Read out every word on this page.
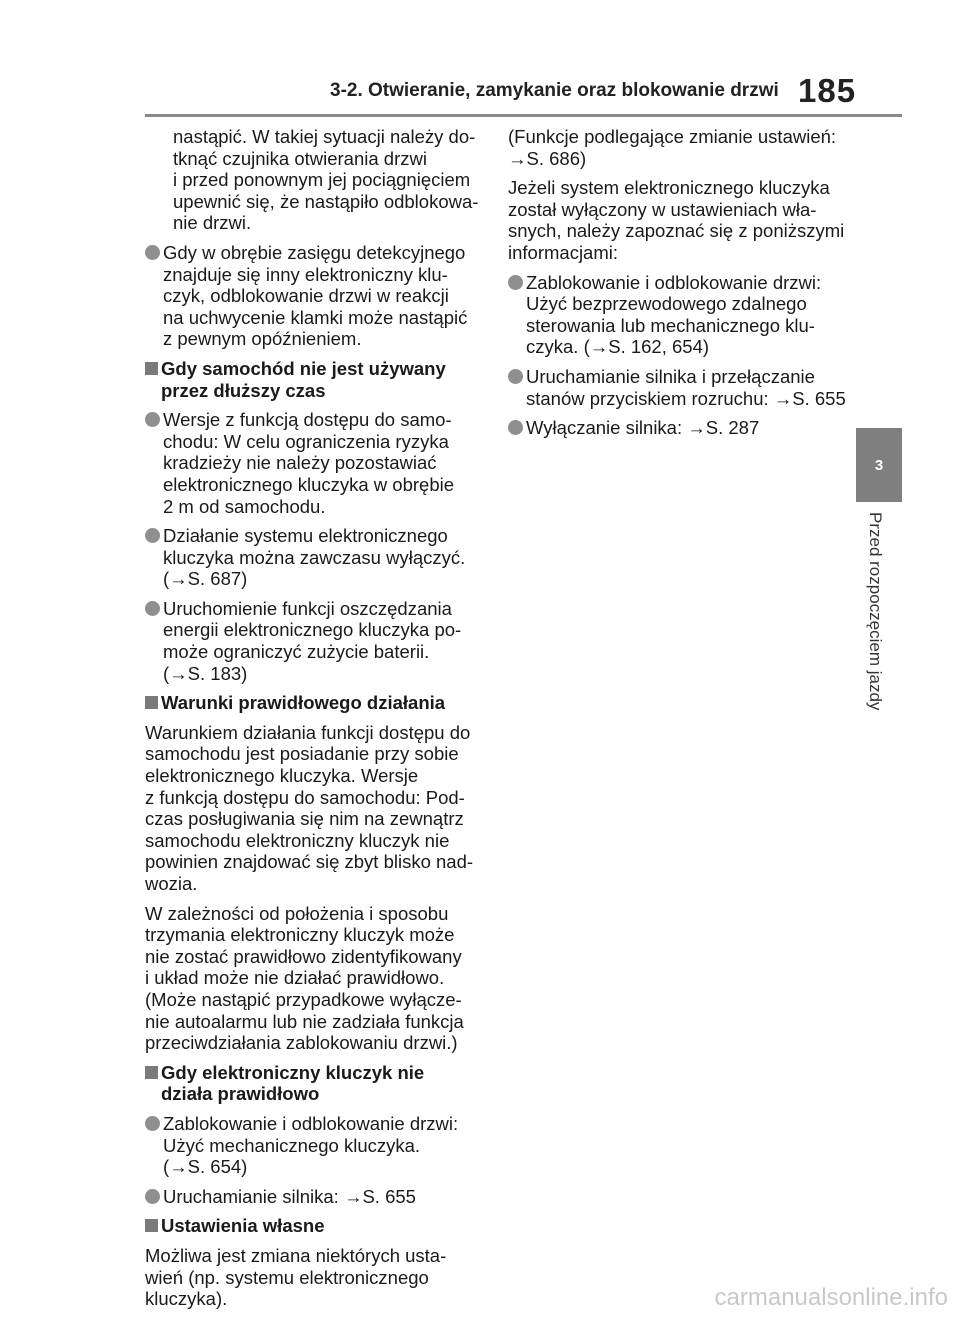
3-2. Otwieranie, zamykanie oraz blokowanie drzwi 185

nastąpić. W takiej sytuacji należy do-
tknąć czujnika otwierania drzwi
i przed ponownym jej pociągnięciem
upewnić się, że nastąpiło odblokowa-
nie drzwi.

Gdy w obrębie zasięgu detekcyjnego
znajduje się inny elektroniczny klu-
czyk, odblokowanie drzwi w reakcji
na uchwycenie klamki może nastąpić
z pewnym opóźnieniem.
Gdy samochód nie jest używany
przez dłuższy czas
Wersje z funkcją dostępu do samo-
chodu: W celu ograniczenia ryzyka
kradzieży nie należy pozostawiać
elektronicznego kluczyka w obrębie
2 m od samochodu.
Działanie systemu elektronicznego
kluczyka można zawczasu wyłączyć.
(→S. 687)
Uruchomienie funkcji oszczędzania
energii elektronicznego kluczyka po-
może ograniczyć zużycie baterii.
(→S. 183)
Warunki prawidłowego działania

Warunkiem działania funkcji dostępu do
samochodu jest posiadanie przy sobie
elektronicznego kluczyka. Wersje
z funkcją dostępu do samochodu: Pod-
czas posługiwania się nim na zewnątrz
samochodu elektroniczny kluczyk nie
powinien znajdować się zbyt blisko nad-
wozia.

W zależności od położenia i sposobu
trzymania elektroniczny kluczyk może
nie zostać prawidłowo zidentyfikowany
i układ może nie działać prawidłowo.
(Może nastąpić przypadkowe wyłącze-
nie autoalarmu lub nie zadziała funkcja
przeciwdziałania zablokowaniu drzwi.)

Gdy elektroniczny kluczyk nie
działa prawidłowo
Zablokowanie i odblokowanie drzwi:
Użyć mechanicznego kluczyka.
(→S. 654)
Uruchamianie silnika: →S. 655
Ustawienia własne

Możliwa jest zmiana niektórych usta-
wień (np. systemu elektronicznego
kluczyka).

(Funkcje podlegające zmianie ustawień:
→S. 686)

Jeżeli system elektronicznego kluczyka
został wyłączony w ustawieniach wła-
snych, należy zapoznać się z poniższymi
informacjami:

Zablokowanie i odblokowanie drzwi:
Użyć bezprzewodowego zdalnego
sterowania lub mechanicznego klu-
czyka. (→S. 162, 654)
Uruchamianie silnika i przełączanie
stanów przyciskiem rozruchu: →S. 655
Wyłączanie silnika: →S. 287
3
Przed rozpoczęciem jazdy
carmanualsonline.info
